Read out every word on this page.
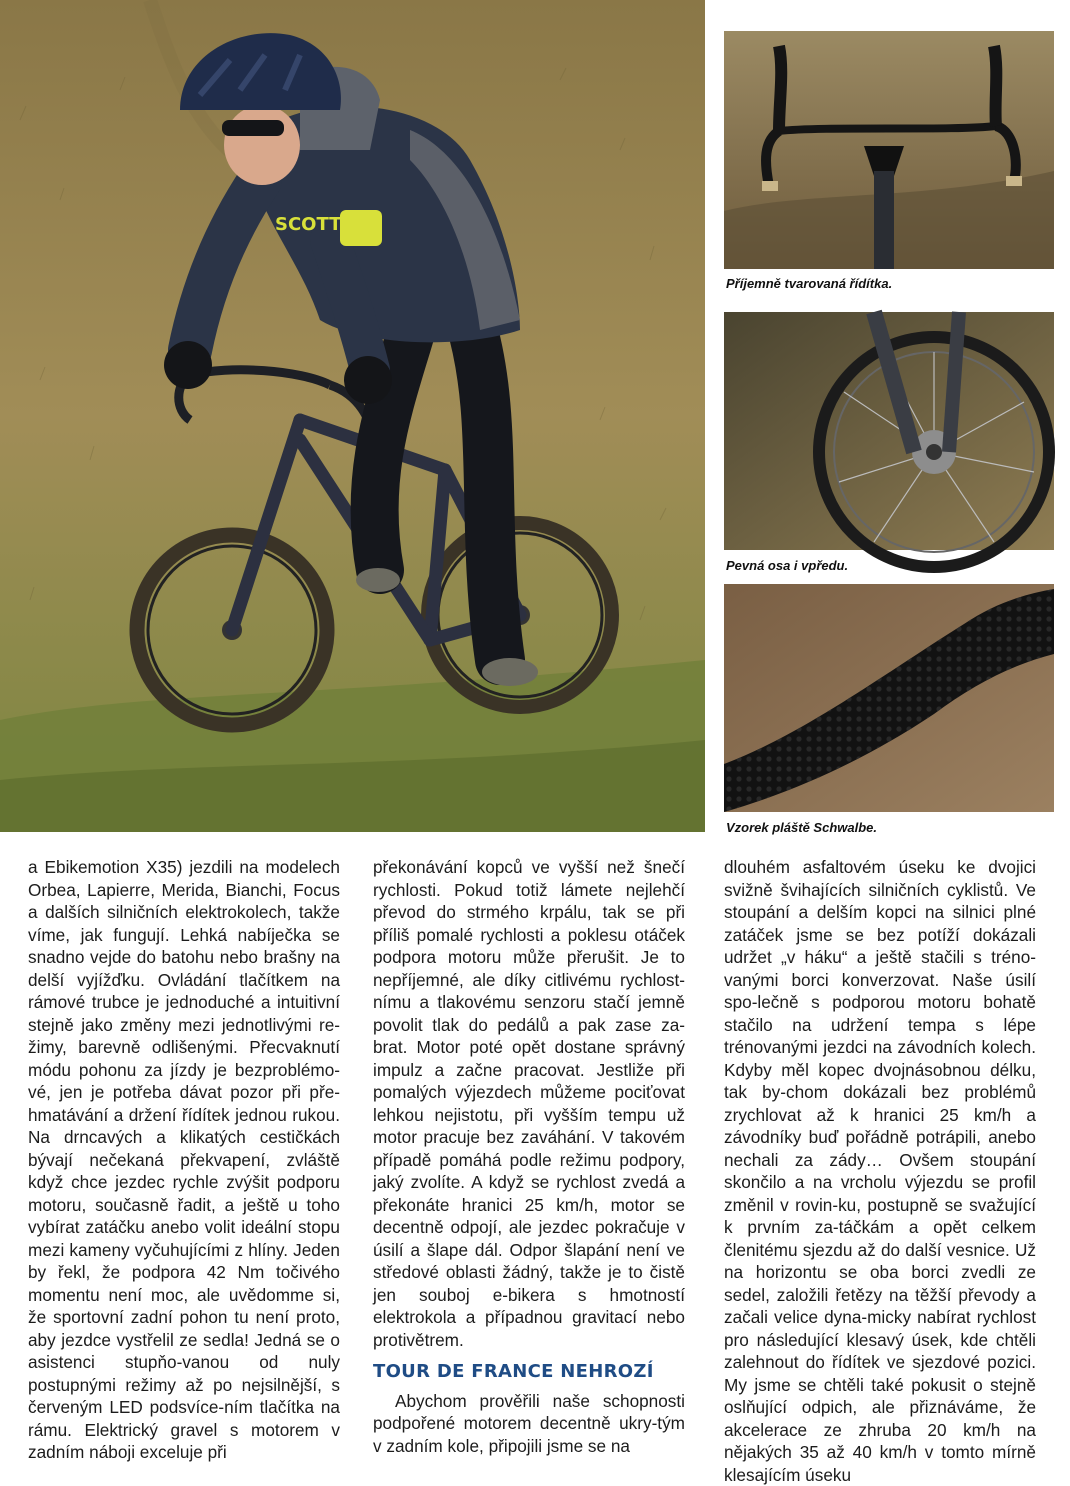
SCOTT
Příjemně tvarovaná řídítka.
Pevná osa i vpředu.
Vzorek pláště Schwalbe.

a Ebikemotion X35) jezdili na modelech Orbea, Lapierre, Merida, Bianchi, Focus a dalších silničních elektrokolech, takže víme, jak fungují. Lehká nabíječka se snadno vejde do batohu nebo brašny na delší vyjížďku. Ovládání tlačítkem na rámové trubce je jednoduché a intuitivní stejně jako změny mezi jednotlivými re-žimy, barevně odlišenými. Přecvaknutí módu pohonu za jízdy je bezproblémo-vé, jen je potřeba dávat pozor při pře-hmatávání a držení řídítek jednou rukou. Na drncavých a klikatých cestičkách bývají nečekaná překvapení, zvláště když chce jezdec rychle zvýšit podporu motoru, současně řadit, a ještě u toho vybírat zatáčku anebo volit ideální stopu mezi kameny vyčuhujícími z hlíny. Jeden by řekl, že podpora 42 Nm točivého momentu není moc, ale uvědomme si, že sportovní zadní pohon tu není proto, aby jezdce vystřelil ze sedla! Jedná se o asistenci stupňo-vanou od nuly postupnými režimy až po nejsilnější, s červeným LED podsvíce-ním tlačítka na rámu. Elektrický gravel s motorem v zadním náboji exceluje při

překonávání kopců ve vyšší než šnečí rychlosti. Pokud totiž lámete nejlehčí převod do strmého krpálu, tak se při příliš pomalé rychlosti a poklesu otáček podpora motoru může přerušit. Je to nepříjemné, ale díky citlivému rychlost-nímu a tlakovému senzoru stačí jemně povolit tlak do pedálů a pak zase za-brat. Motor poté opět dostane správný impulz a začne pracovat. Jestliže při pomalých výjezdech můžeme pociťovat lehkou nejistotu, při vyšším tempu už motor pracuje bez zaváhání. V takovém případě pomáhá podle režimu podpory, jaký zvolíte. A když se rychlost zvedá a překonáte hranici 25 km/h, motor se decentně odpojí, ale jezdec pokračuje v úsilí a šlape dál. Odpor šlapání není ve středové oblasti žádný, takže je to čistě jen souboj e-bikera s hmotností elektrokola a případnou gravitací nebo protivětrem.

TOUR DE FRANCE NEHROZÍ

Abychom prověřili naše schopnosti podpořené motorem decentně ukry-tým v zadním kole, připojili jsme se na

dlouhém asfaltovém úseku ke dvojici svižně švihajících silničních cyklistů. Ve stoupání a delším kopci na silnici plné zatáček jsme se bez potíží dokázali udržet „v háku“ a ještě stačili s tréno-vanými borci konverzovat. Naše úsilí spo-lečně s podporou motoru bohatě stačilo na udržení tempa s lépe trénovanými jezdci na závodních kolech. Kdyby měl kopec dvojnásobnou délku, tak by-chom dokázali bez problémů zrychlovat až k hranici 25 km/h a závodníky buď pořádně potrápili, anebo nechali za zády… Ovšem stoupání skončilo a na vrcholu výjezdu se profil změnil v rovin-ku, postupně se svažující k prvním za-táčkám a opět celkem členitému sjezdu až do další vesnice. Už na horizontu se oba borci zvedli ze sedel, založili řetězy na těžší převody a začali velice dyna-micky nabírat rychlost pro následující klesavý úsek, kde chtěli zalehnout do řídítek ve sjezdové pozici. My jsme se chtěli také pokusit o stejně oslňující odpich, ale přiznáváme, že akcelerace ze zhruba 20 km/h na nějakých 35 až 40 km/h v tomto mírně klesajícím úseku
